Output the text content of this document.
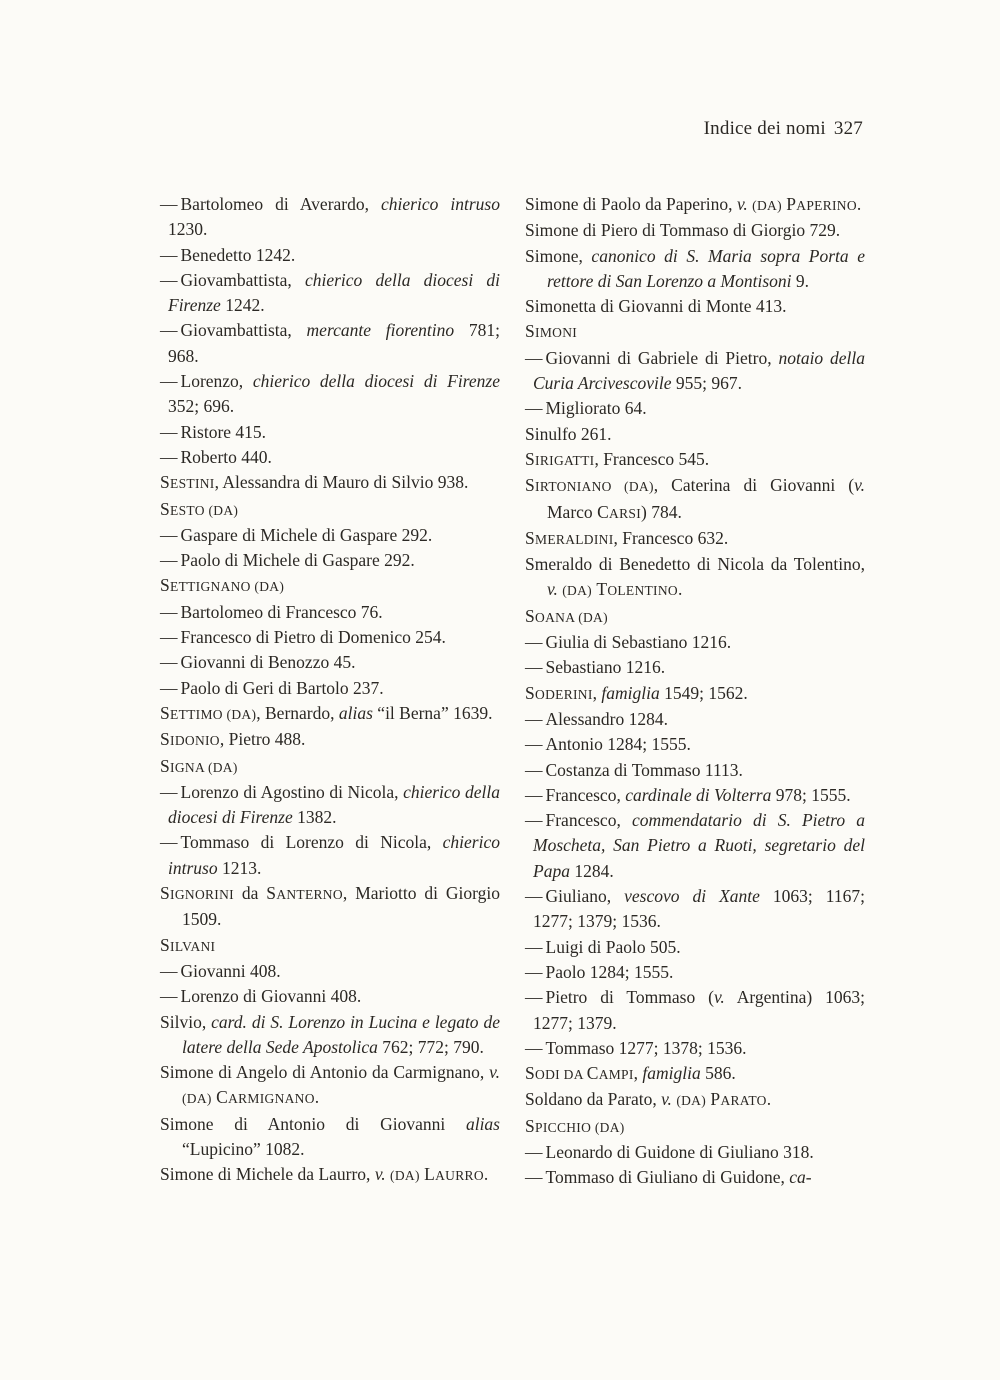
Indice dei nomi 327

— Bartolomeo di Averardo, chierico intruso 1230.

— Benedetto 1242.

— Giovambattista, chierico della diocesi di Firenze 1242.

— Giovambattista, mercante fiorentino 781; 968.

— Lorenzo, chierico della diocesi di Firenze 352; 696.

— Ristore 415.

— Roberto 440.

SESTINI, Alessandra di Mauro di Silvio 938.

SESTO (DA)

— Gaspare di Michele di Gaspare 292.

— Paolo di Michele di Gaspare 292.

SETTIGNANO (DA)

— Bartolomeo di Francesco 76.

— Francesco di Pietro di Domenico 254.

— Giovanni di Benozzo 45.

— Paolo di Geri di Bartolo 237.

SETTIMO (DA), Bernardo, alias “il Berna” 1639.

SIDONIO, Pietro 488.

SIGNA (DA)

— Lorenzo di Agostino di Nicola, chierico della diocesi di Firenze 1382.

— Tommaso di Lorenzo di Nicola, chierico intruso 1213.

SIGNORINI da SANTERNO, Mariotto di Giorgio 1509.

SILVANI

— Giovanni 408.

— Lorenzo di Giovanni 408.

Silvio, card. di S. Lorenzo in Lucina e legato de latere della Sede Apostolica 762; 772; 790.

Simone di Angelo di Antonio da Carmignano, v. (DA) CARMIGNANO.

Simone di Antonio di Giovanni alias “Lupicino” 1082.

Simone di Michele da Laurro, v. (DA) LAURRO.

Simone di Paolo da Paperino, v. (DA) PAPERINO.

Simone di Piero di Tommaso di Giorgio 729.

Simone, canonico di S. Maria sopra Porta e rettore di San Lorenzo a Montisoni 9.

Simonetta di Giovanni di Monte 413.

SIMONI

— Giovanni di Gabriele di Pietro, notaio della Curia Arcivescovile 955; 967.

— Migliorato 64.

Sinulfo 261.

SIRIGATTI, Francesco 545.

SIRTONIANO (DA), Caterina di Giovanni (v. Marco CARSI) 784.

SMERALDINI, Francesco 632.

Smeraldo di Benedetto di Nicola da Tolentino, v. (DA) TOLENTINO.

SOANA (DA)

— Giulia di Sebastiano 1216.

— Sebastiano 1216.

SODERINI, famiglia 1549; 1562.

— Alessandro 1284.

— Antonio 1284; 1555.

— Costanza di Tommaso 1113.

— Francesco, cardinale di Volterra 978; 1555.

— Francesco, commendatario di S. Pietro a Moscheta, San Pietro a Ruoti, segretario del Papa 1284.

— Giuliano, vescovo di Xante 1063; 1167; 1277; 1379; 1536.

— Luigi di Paolo 505.

— Paolo 1284; 1555.

— Pietro di Tommaso (v. Argentina) 1063; 1277; 1379.

— Tommaso 1277; 1378; 1536.

SODI DA CAMPI, famiglia 586.

Soldano da Parato, v. (DA) PARATO.

SPICCHIO (DA)

— Leonardo di Guidone di Giuliano 318.

— Tommaso di Giuliano di Guidone, ca-
